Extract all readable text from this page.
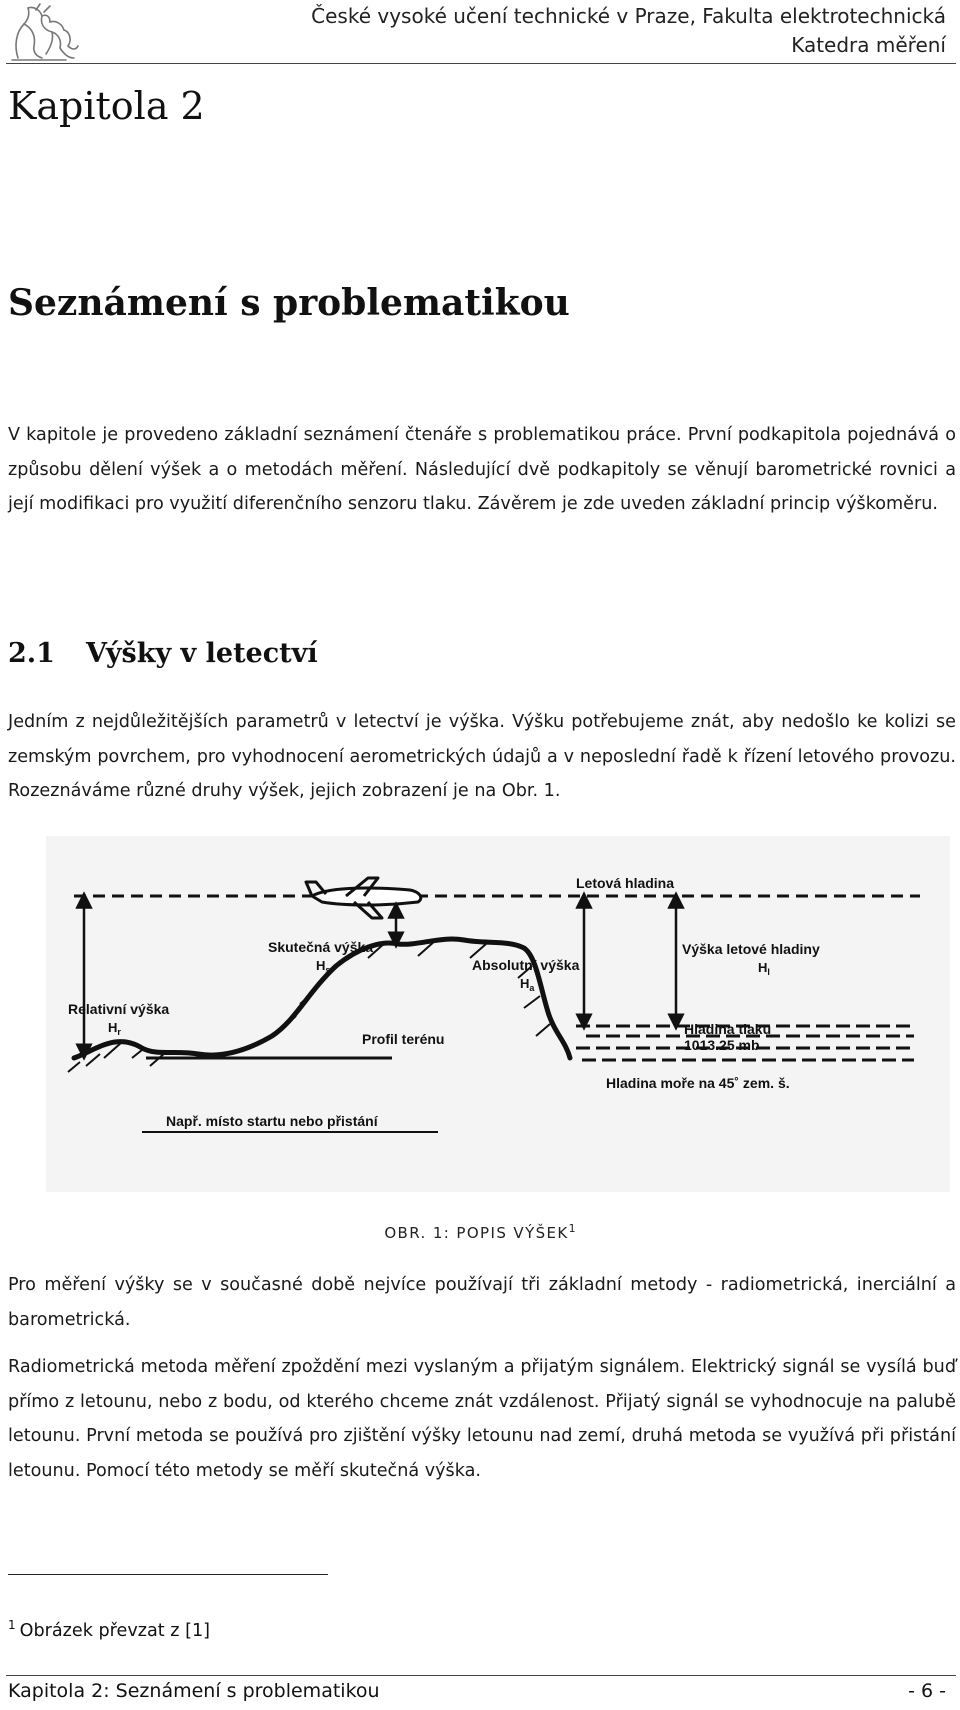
České vysoké učení technické v Praze, Fakulta elektrotechnická
Katedra měření
Kapitola 2
Seznámení s problematikou
V kapitole je provedeno základní seznámení čtenáře s problematikou práce. První podkapitola pojednává o způsobu dělení výšek a o metodách měření. Následující dvě podkapitoly se věnují barometrické rovnici a její modifikaci pro využití diferenčního senzoru tlaku. Závěrem je zde uveden základní princip výškoměru.
2.1 Výšky v letectví
Jedním z nejdůležitějších parametrů v letectví je výška. Výšku potřebujeme znát, aby nedošlo ke kolizi se zemským povrchem, pro vyhodnocení aerometrických údajů a v neposlední řadě k řízení letového provozu. Rozeznáváme různé druhy výšek, jejich zobrazení je na Obr. 1.
Letová hladina
Skutečná výška
$H_s$	Absolutní výška
$H_a$
Výška letové hladiny
$H_l$
Relativní výška
$H_r$	Profil terénu
Hladina tlaku
1013.25 mb
Hladina moře na 45˚ zem. š.
Např. místo startu nebo přistání
OBR. 1: POPIS VÝŠEK$^1$
Pro měření výšky se v současné době nejvíce používají tři základní metody - radiometrická, inerciální a barometrická.
Radiometrická metoda měření zpoždění mezi vyslaným a přijatým signálem. Elektrický signál se vysílá buď přímo z letounu, nebo z bodu, od kterého chceme znát vzdálenost. Přijatý signál se vyhodnocuje na palubě letounu. První metoda se používá pro zjištění výšky letounu nad zemí, druhá metoda se využívá při přistání letounu. Pomocí této metody se měří skutečná výška.
$^1$ Obrázek převzat z [1]
Kapitola 2: Seznámení s problematikou	- 6 -
